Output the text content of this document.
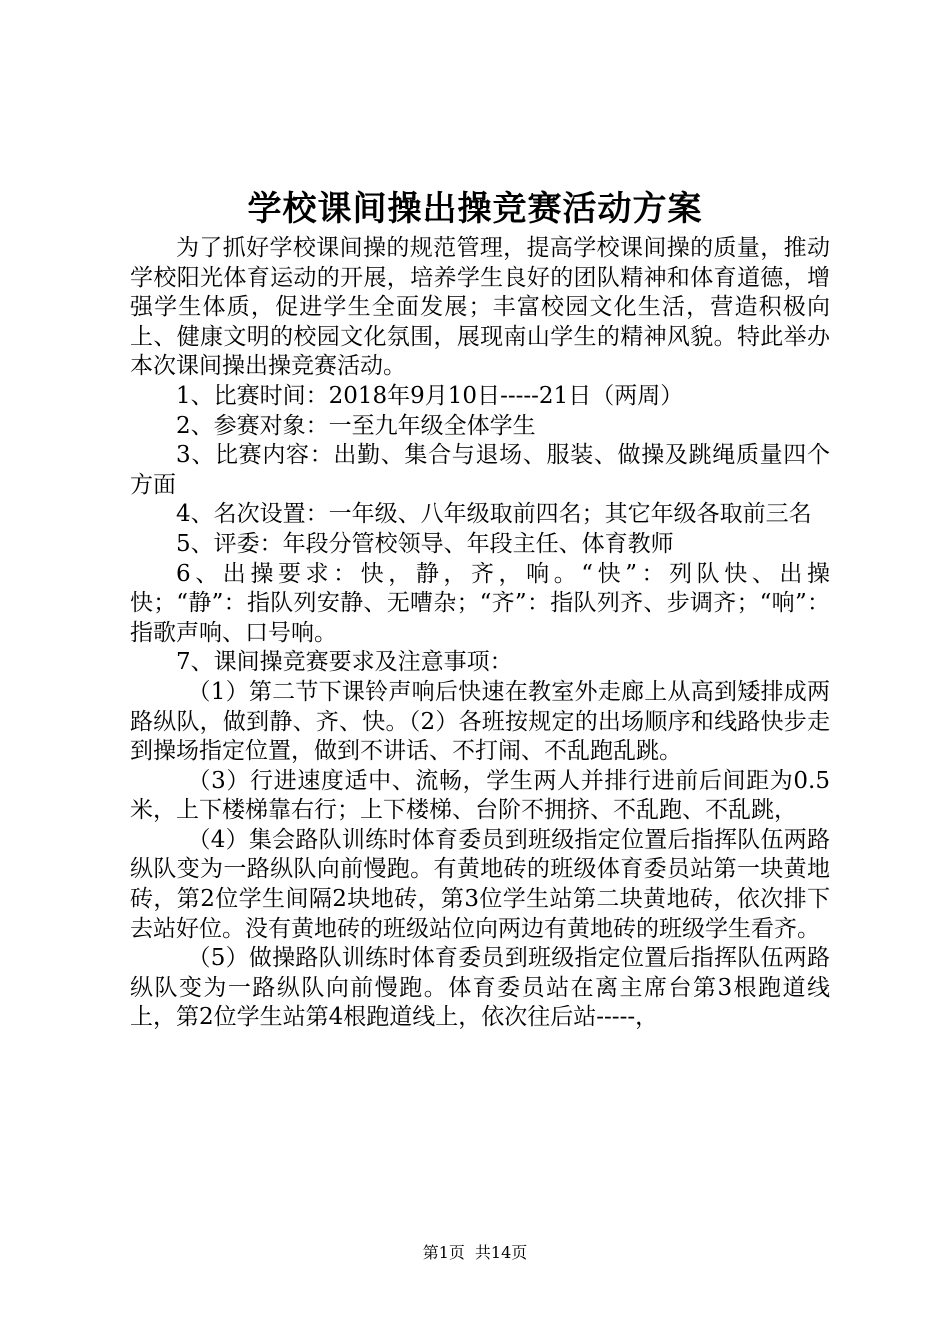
学校课间操出操竞赛活动方案

为了抓好学校课间操的规范管理，提高学校课间操的质量，推动学校阳光体育运动的开展，培养学生良好的团队精神和体育道德，增强学生体质，促进学生全面发展；丰富校园文化生活，营造积极向上、健康文明的校园文化氛围，展现南山学生的精神风貌。特此举办本次课间操出操竞赛活动。

1、比赛时间：2018年9月10日-----21日（两周）

2、参赛对象：一至九年级全体学生

3、比赛内容：出勤、集合与退场、服装、做操及跳绳质量四个方面

4、名次设置：一年级、八年级取前四名；其它年级各取前三名

5、评委：年段分管校领导、年段主任、体育教师

6、出操要求：快，静，齐，响。“快”：列队快、出操快；“静”：指队列安静、无嘈杂；“齐”：指队列齐、步调齐；“响”：指歌声响、口号响。

7、课间操竞赛要求及注意事项：

（1）第二节下课铃声响后快速在教室外走廊上从高到矮排成两路纵队，做到静、齐、快。（2）各班按规定的出场顺序和线路快步走到操场指定位置，做到不讲话、不打闹、不乱跑乱跳。

（3）行进速度适中、流畅，学生两人并排行进前后间距为0.5米，上下楼梯靠右行；上下楼梯、台阶不拥挤、不乱跑、不乱跳，

（4）集会路队训练时体育委员到班级指定位置后指挥队伍两路纵队变为一路纵队向前慢跑。有黄地砖的班级体育委员站第一块黄地砖，第2位学生间隔2块地砖，第3位学生站第二块黄地砖，依次排下去站好位。没有黄地砖的班级站位向两边有黄地砖的班级学生看齐。

（5）做操路队训练时体育委员到班级指定位置后指挥队伍两路纵队变为一路纵队向前慢跑。体育委员站在离主席台第3根跑道线上，第2位学生站第4根跑道线上，依次往后站-----，

第1页 共14页
